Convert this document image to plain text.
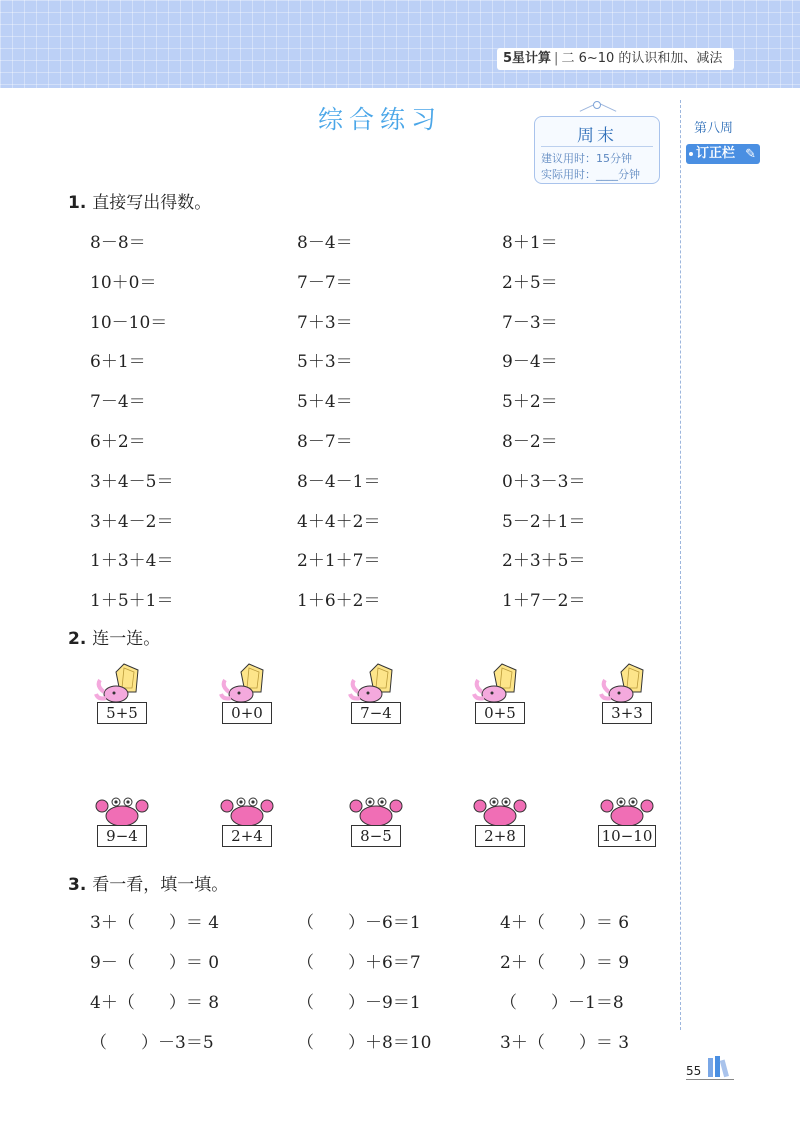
5星计算 | 二 6~10 的认识和加、减法
综合练习
周末
建议用时：15分钟
实际用时：____分钟
第八周
订正栏 ✎
1. 直接写出得数。
8－8＝	8－4＝	8＋1＝
10＋0＝	7－7＝	2＋5＝
10－10＝	7＋3＝	7－3＝
6＋1＝	5＋3＝	9－4＝
7－4＝	5＋4＝	5＋2＝
6＋2＝	8－7＝	8－2＝
3＋4－5＝	8－4－1＝	0＋3－3＝
3＋4－2＝	4＋4＋2＝	5－2＋1＝
1＋3＋4＝	2＋1＋7＝	2＋3＋5＝
1＋5＋1＝	1＋6＋2＝	1＋7－2＝
2. 连一连。
5+5	0+0	7−4	0+5	3+3
9−4	2+4	8−5	2+8	10−10
3. 看一看，填一填。
3＋（　　）＝ 4	（　　）－6＝1	4＋（　　）＝ 6
9－（　　）＝ 0	（　　）＋6＝7	2＋（　　）＝ 9
4＋（　　）＝ 8	（　　）－9＝1	（　　）－1＝8
（　　）－3＝5	（　　）＋8＝10	3＋（　　）＝ 3
55
